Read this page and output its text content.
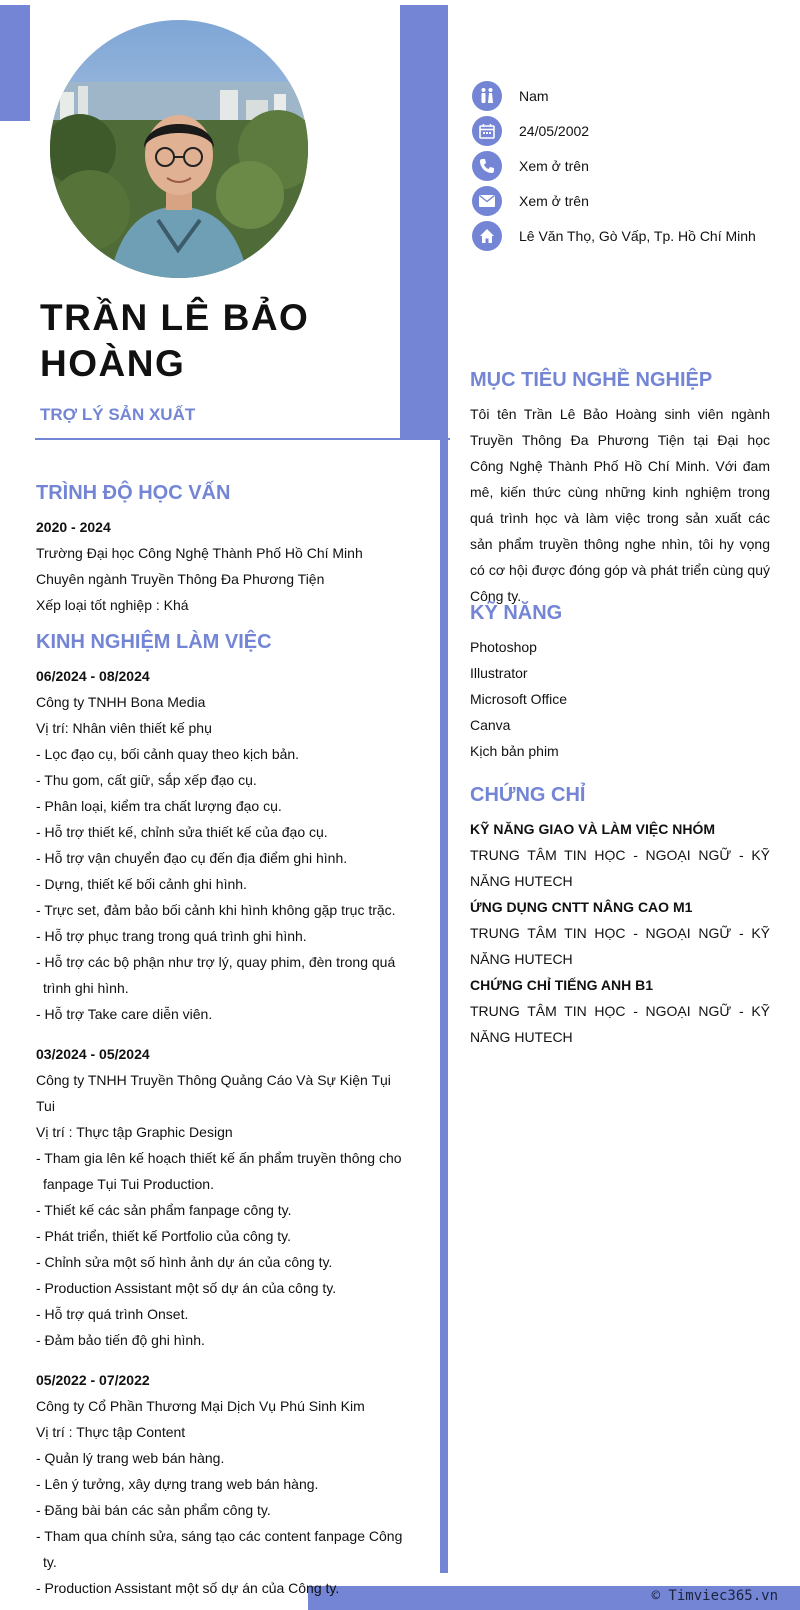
© Timviec365.vn
TRẦN LÊ BẢO HOÀNG
TRỢ LÝ SẢN XUẤT
Nam
24/05/2002
Xem ở trên
Xem ở trên
Lê Văn Thọ, Gò Vấp, Tp. Hồ Chí Minh
TRÌNH ĐỘ HỌC VẤN
2020 - 2024
Trường Đại học Công Nghệ Thành Phố Hồ Chí Minh
Chuyên ngành Truyền Thông Đa Phương Tiện
Xếp loại tốt nghiệp : Khá
KINH NGHIỆM LÀM VIỆC
06/2024 - 08/2024
Công ty TNHH Bona Media
Vị trí: Nhân viên thiết kế phụ
- Lọc đạo cụ, bối cảnh quay theo kịch bản.
- Thu gom, cất giữ, sắp xếp đạo cụ.
- Phân loại, kiểm tra chất lượng đạo cụ.
- Hỗ trợ thiết kế, chỉnh sửa thiết kế của đạo cụ.
- Hỗ trợ vận chuyển đạo cụ đến địa điểm ghi hình.
- Dựng, thiết kế bối cảnh ghi hình.
- Trực set, đảm bảo bối cảnh khi hình không gặp trục trặc.
- Hỗ trợ phục trang trong quá trình ghi hình.
- Hỗ trợ các bộ phận như trợ lý, quay phim, đèn trong quá trình ghi hình.
- Hỗ trợ Take care diễn viên.
03/2024 - 05/2024
Công ty TNHH Truyền Thông Quảng Cáo Và Sự Kiện Tụi Tui
Vị trí : Thực tập Graphic Design
- Tham gia lên kế hoạch thiết kế ấn phẩm truyền thông cho fanpage Tụi Tui Production.
- Thiết kế các sản phẩm fanpage công ty.
- Phát triển, thiết kế Portfolio của công ty.
- Chỉnh sửa một số hình ảnh dự án của công ty.
- Production Assistant một số dự án của công ty.
- Hỗ trợ quá trình Onset.
- Đảm bảo tiến độ ghi hình.
05/2022 - 07/2022
Công ty Cổ Phần Thương Mại Dịch Vụ Phú Sinh Kim
Vị trí : Thực tập Content
- Quản lý trang web bán hàng.
- Lên ý tưởng, xây dựng trang web bán hàng.
- Đăng bài bán các sản phẩm công ty.
- Tham qua chính sửa, sáng tạo các content fanpage Công ty.
- Production Assistant một số dự án của Công ty.
MỤC TIÊU NGHỀ NGHIỆP

Tôi tên Trần Lê Bảo Hoàng sinh viên ngành Truyền Thông Đa Phương Tiện tại Đại học Công Nghệ Thành Phố Hồ Chí Minh. Với đam mê, kiến thức cùng những kinh nghiệm trong quá trình học và làm việc trong sản xuất các sản phẩm truyền thông nghe nhìn, tôi hy vọng có cơ hội được đóng góp và phát triển cùng quý Công ty.

KỸ NĂNG
Photoshop
Illustrator
Microsoft Office
Canva
Kịch bản phim
CHỨNG CHỈ
KỸ NĂNG GIAO VÀ LÀM VIỆC NHÓM
TRUNG TÂM TIN HỌC - NGOẠI NGỮ - KỸ NĂNG HUTECH
ỨNG DỤNG CNTT NÂNG CAO M1
TRUNG TÂM TIN HỌC - NGOẠI NGỮ - KỸ NĂNG HUTECH
CHỨNG CHỈ TIẾNG ANH B1
TRUNG TÂM TIN HỌC - NGOẠI NGỮ - KỸ NĂNG HUTECH
